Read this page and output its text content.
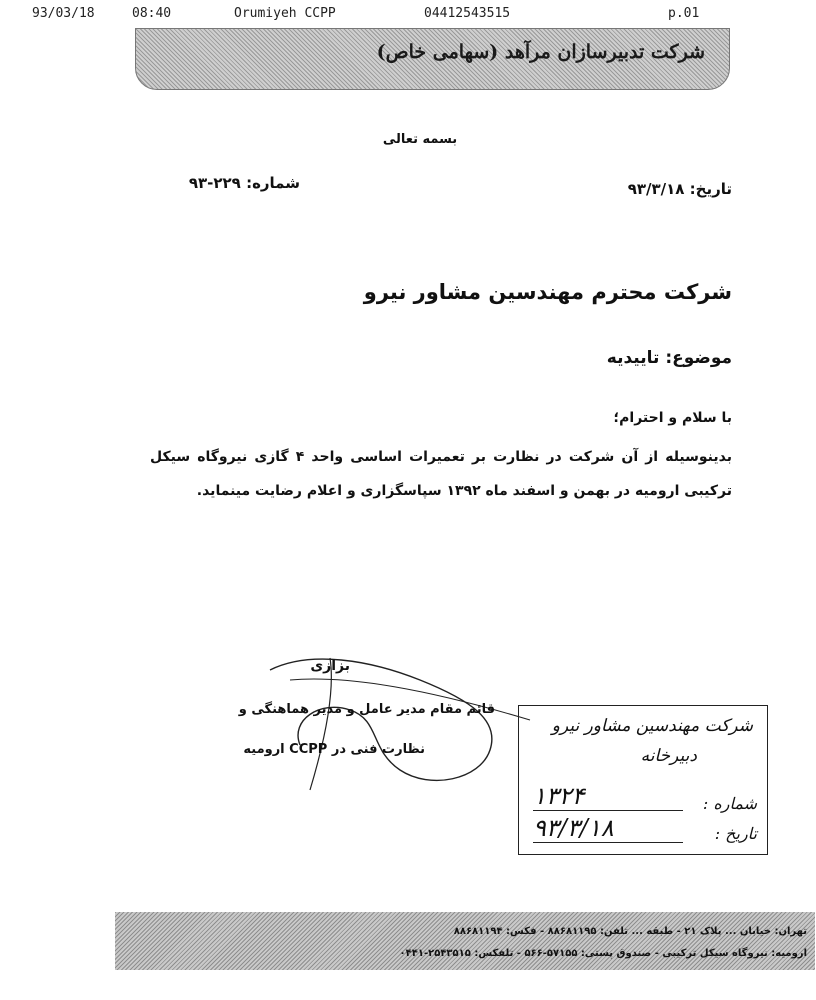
93/03/18	08:40	Orumiyeh CCPP	04412543515	p.01
شرکت تدبیرسازان مرآهد (سهامی خاص)
بسمه تعالی
شماره: ۲۲۹-۹۳	تاریخ: ۹۳/۳/۱۸
شرکت محترم مهندسین مشاور نیرو
موضوع: تاییدیه
با سلام و احترام؛
بدینوسیله از آن شرکت در نظارت بر تعمیرات اساسی واحد ۴ گازی نیروگاه سیکل ترکیبی ارومیه در بهمن و اسفند ماه ۱۳۹۲ سپاسگزاری و اعلام رضایت مینماید.
بزازی
قائم مقام مدیر عامل و مدیر هماهنگی و
نظارت فنی در CCPP ارومیه
شرکت مهندسین مشاور نیرو
دبیرخانه
شماره :
۱۳۲۴
تاریخ :
۹۳/۳/۱۸
تهران: خیابان ... پلاک ۲۱ - طبقه ... تلفن: ۸۸۶۸۱۱۹۵ - فکس: ۸۸۶۸۱۱۹۴
ارومیه: نیروگاه سیکل ترکیبی - صندوق پستی: ۵۷۱۵۵-۵۶۶ - تلفکس: ۲۵۴۳۵۱۵-۰۴۴۱
